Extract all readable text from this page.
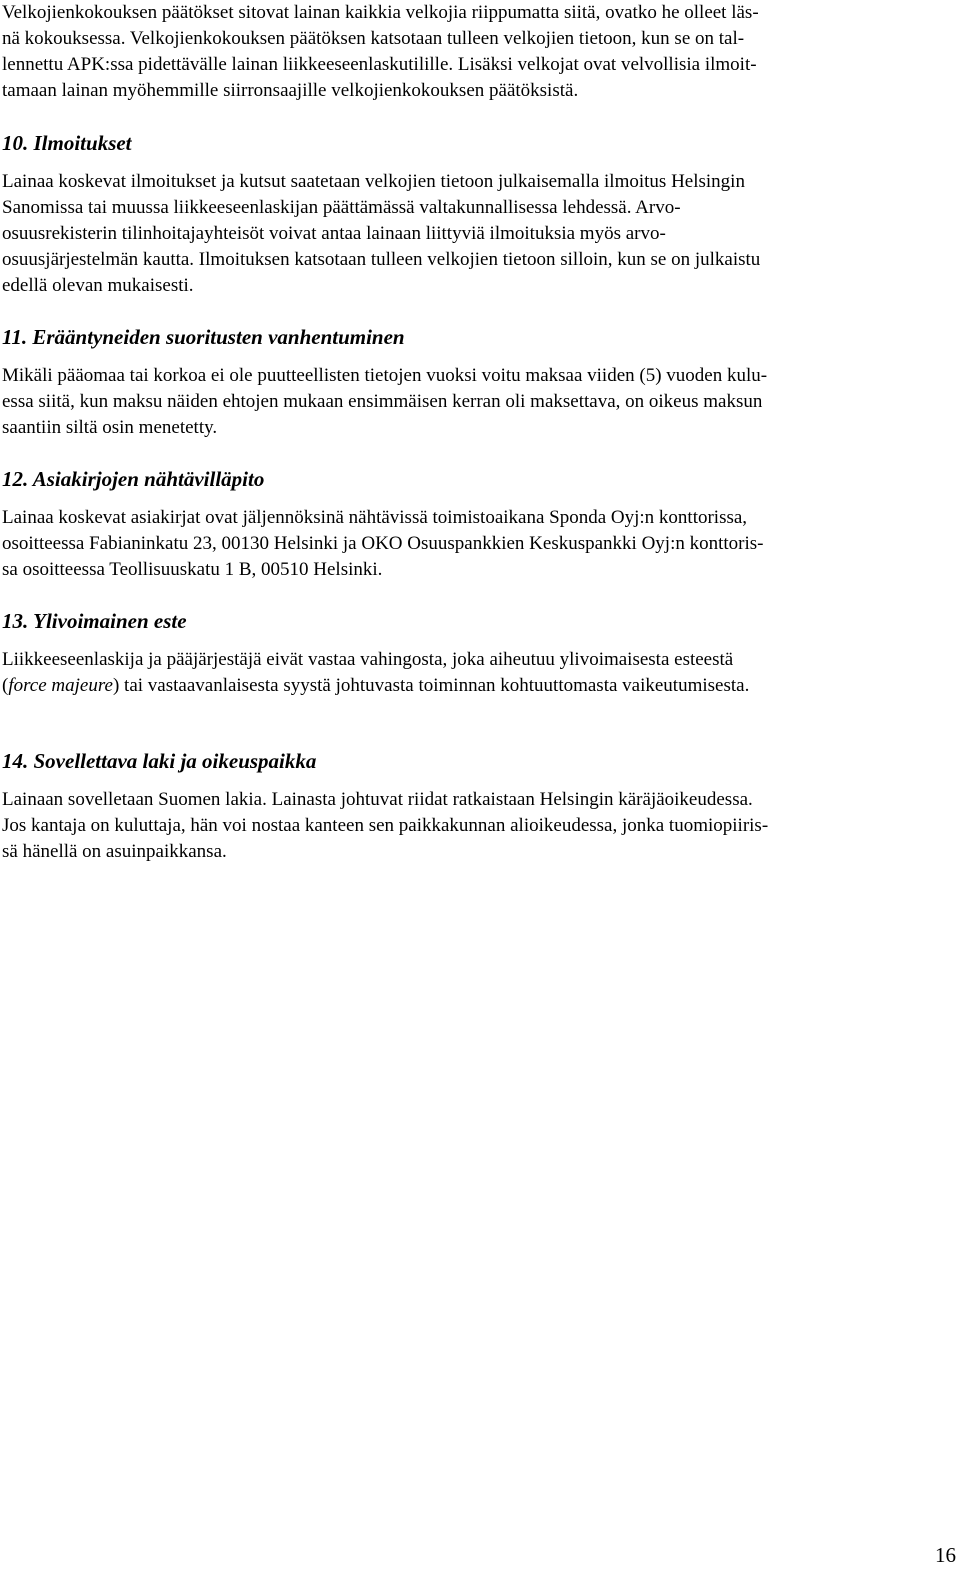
Velkojienkokouksen päätökset sitovat lainan kaikkia velkojia riippumatta siitä, ovatko he olleet läs-
nä kokouksessa. Velkojienkokouksen päätöksen katsotaan tulleen velkojien tietoon, kun se on tal-
lennettu APK:ssa pidettävälle lainan liikkeeseenlaskutilille. Lisäksi velkojat ovat velvollisia ilmoit-
tamaan lainan myöhemmille siirronsaajille velkojienkokouksen päätöksistä.

10. Ilmoitukset

Lainaa koskevat ilmoitukset ja kutsut saatetaan velkojien tietoon julkaisemalla ilmoitus Helsingin
Sanomissa tai muussa liikkeeseenlaskijan päättämässä valtakunnallisessa lehdessä. Arvo-
osuusrekisterin tilinhoitajayhteisöt voivat antaa lainaan liittyviä ilmoituksia myös arvo-
osuusjärjestelmän kautta. Ilmoituksen katsotaan tulleen velkojien tietoon silloin, kun se on julkaistu
edellä olevan mukaisesti.

11. Erääntyneiden suoritusten vanhentuminen

Mikäli pääomaa tai korkoa ei ole puutteellisten tietojen vuoksi voitu maksaa viiden (5) vuoden kulu-
essa siitä, kun maksu näiden ehtojen mukaan ensimmäisen kerran oli maksettava, on oikeus maksun
saantiin siltä osin menetetty.

12. Asiakirjojen nähtävilläpito

Lainaa koskevat asiakirjat ovat jäljennöksinä nähtävissä toimistoaikana Sponda Oyj:n konttorissa,
osoitteessa Fabianinkatu 23, 00130 Helsinki ja OKO Osuuspankkien Keskuspankki Oyj:n konttoris-
sa osoitteessa Teollisuuskatu 1 B, 00510 Helsinki.

13. Ylivoimainen este

Liikkeeseenlaskija ja pääjärjestäjä eivät vastaa vahingosta, joka aiheutuu ylivoimaisesta esteestä
(force majeure) tai vastaavanlaisesta syystä johtuvasta toiminnan kohtuuttomasta vaikeutumisesta.

14. Sovellettava laki ja oikeuspaikka

Lainaan sovelletaan Suomen lakia. Lainasta johtuvat riidat ratkaistaan Helsingin käräjäoikeudessa.
Jos kantaja on kuluttaja, hän voi nostaa kanteen sen paikkakunnan alioikeudessa, jonka tuomiopiiris-
sä hänellä on asuinpaikkansa.

16
